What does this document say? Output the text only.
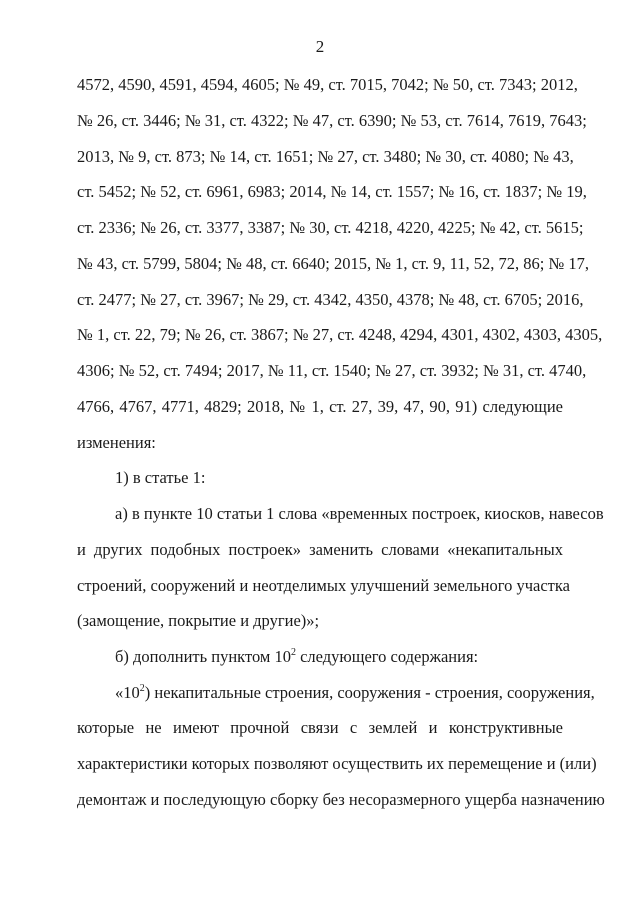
2
4572, 4590, 4591, 4594, 4605; № 49, ст. 7015, 7042; № 50, ст. 7343; 2012,
№ 26, ст. 3446; № 31, ст. 4322; № 47, ст. 6390; № 53, ст. 7614, 7619, 7643;
2013, № 9, ст. 873; № 14, ст. 1651; № 27, ст. 3480; № 30, ст. 4080; № 43,
ст. 5452; № 52, ст. 6961, 6983; 2014, № 14, ст. 1557; № 16, ст. 1837; № 19,
ст. 2336; № 26, ст. 3377, 3387; № 30, ст. 4218, 4220, 4225; № 42, ст. 5615;
№ 43, ст. 5799, 5804; № 48, ст. 6640; 2015, № 1, ст. 9, 11, 52, 72, 86; № 17,
ст. 2477; № 27, ст. 3967; № 29, ст. 4342, 4350, 4378; № 48, ст. 6705; 2016,
№ 1, ст. 22, 79; № 26, ст. 3867; № 27, ст. 4248, 4294, 4301, 4302, 4303, 4305,
4306; № 52, ст. 7494; 2017, № 11, ст. 1540; № 27, ст. 3932; № 31, ст. 4740,
4766, 4767, 4771, 4829; 2018, № 1, ст. 27, 39, 47, 90, 91) следующие
изменения:
1) в статье 1:
а) в пункте 10 статьи 1 слова «временных построек, киосков, навесов
и других подобных построек» заменить словами «некапитальных
строений, сооружений и неотделимых улучшений земельного участка
(замощение, покрытие и другие)»;
б) дополнить пунктом $10^2$ следующего содержания:
«$10^2$) некапитальные строения, сооружения - строения, сооружения,
которые не имеют прочной связи с землей и конструктивные
характеристики которых позволяют осуществить их перемещение и (или)
демонтаж и последующую сборку без несоразмерного ущерба назначению
